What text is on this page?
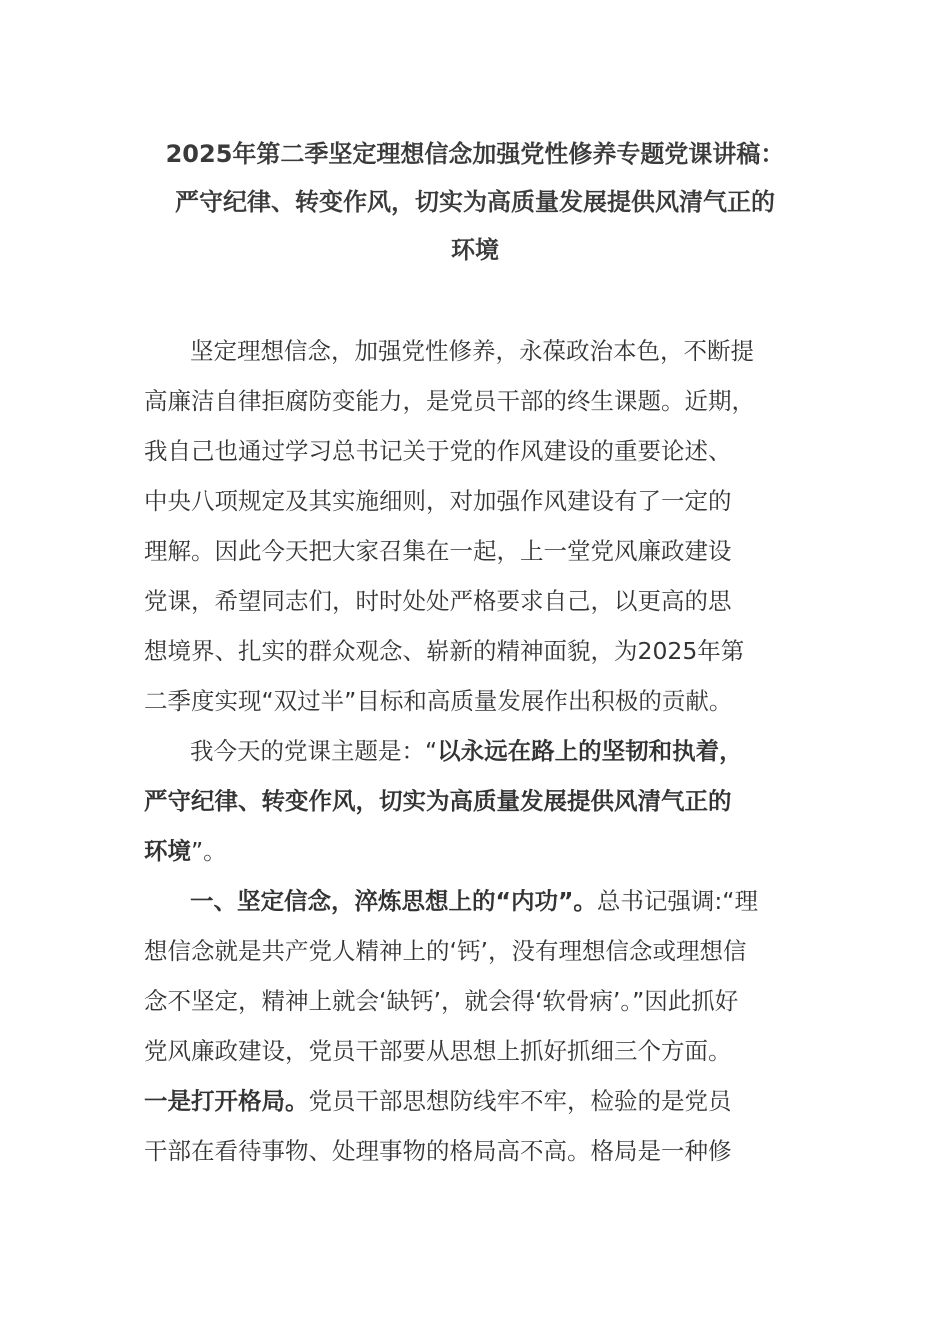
2025年第二季坚定理想信念加强党性修养专题党课讲稿：
严守纪律、转变作风，切实为高质量发展提供风清气正的
环境
坚定理想信念，加强党性修养，永葆政治本色，不断提
高廉洁自律拒腐防变能力，是党员干部的终生课题。近期，
我自己也通过学习总书记关于党的作风建设的重要论述、
中央八项规定及其实施细则，对加强作风建设有了一定的
理解。因此今天把大家召集在一起，上一堂党风廉政建设
党课，希望同志们，时时处处严格要求自己，以更高的思
想境界、扎实的群众观念、崭新的精神面貌，为2025年第
二季度实现“双过半”目标和高质量发展作出积极的贡献。
我今天的党课主题是：“以永远在路上的坚韧和执着，
严守纪律、转变作风，切实为高质量发展提供风清气正的
环境”。
一、坚定信念，淬炼思想上的“内功”。总书记强调:“理
想信念就是共产党人精神上的‘钙’，没有理想信念或理想信
念不坚定，精神上就会‘缺钙’，就会得‘软骨病’。”因此抓好
党风廉政建设，党员干部要从思想上抓好抓细三个方面。
一是打开格局。党员干部思想防线牢不牢，检验的是党员
干部在看待事物、处理事物的格局高不高。格局是一种修
